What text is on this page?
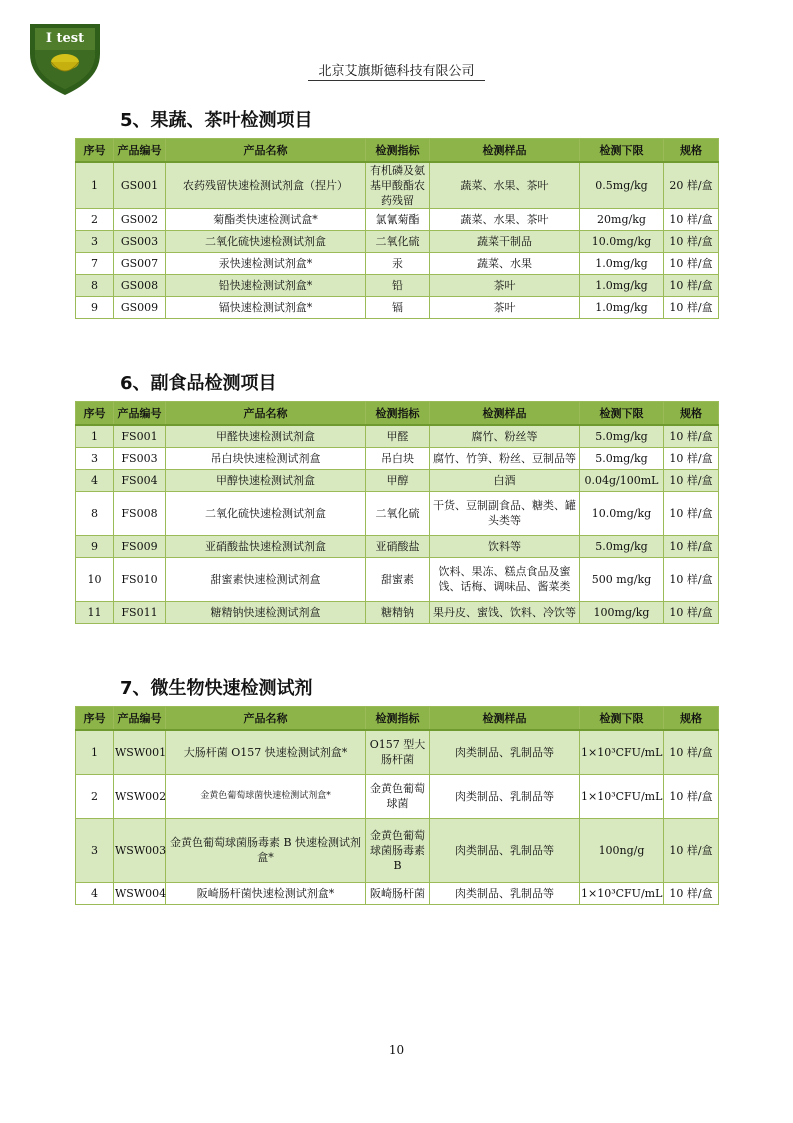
I test
北京艾旗斯德科技有限公司
5、果蔬、茶叶检测项目
序号	产品编号	产品名称	检测指标	检测样品	检测下限	规格
1	GS001	农药残留快速检测试剂盒（捏片）	有机磷及氨基甲酸酯农药残留	蔬菜、水果、茶叶	0.5mg/kg	20 样/盒
2	GS002	菊酯类快速检测试盒*	氯氰菊酯	蔬菜、水果、茶叶	20mg/kg	10 样/盒
3	GS003	二氧化硫快速检测试剂盒	二氧化硫	蔬菜干制品	10.0mg/kg	10 样/盒
7	GS007	汞快速检测试剂盒*	汞	蔬菜、水果	1.0mg/kg	10 样/盒
8	GS008	铅快速检测试剂盒*	铅	茶叶	1.0mg/kg	10 样/盒
9	GS009	镉快速检测试剂盒*	镉	茶叶	1.0mg/kg	10 样/盒
6、副食品检测项目
序号	产品编号	产品名称	检测指标	检测样品	检测下限	规格
1	FS001	甲醛快速检测试剂盒	甲醛	腐竹、粉丝等	5.0mg/kg	10 样/盒
3	FS003	吊白块快速检测试剂盒	吊白块	腐竹、竹笋、粉丝、豆制品等	5.0mg/kg	10 样/盒
4	FS004	甲醇快速检测试剂盒	甲醇	白酒	0.04g/100mL	10 样/盒
8	FS008	二氧化硫快速检测试剂盒	二氧化硫	干货、豆制副食品、糖类、罐头类等	10.0mg/kg	10 样/盒
9	FS009	亚硝酸盐快速检测试剂盒	亚硝酸盐	饮料等	5.0mg/kg	10 样/盒
10	FS010	甜蜜素快速检测试剂盒	甜蜜素	饮料、果冻、糕点食品及蜜饯、话梅、调味品、酱菜类	500 mg/kg	10 样/盒
11	FS011	糖精钠快速检测试剂盒	糖精钠	果丹皮、蜜饯、饮料、冷饮等	100mg/kg	10 样/盒
7、微生物快速检测试剂
序号	产品编号	产品名称	检测指标	检测样品	检测下限	规格
1	WSW001	大肠杆菌 O157 快速检测试剂盒*	O157 型大肠杆菌	肉类制品、乳制品等	1×10³CFU/mL	10 样/盒
2	WSW002	金黄色葡萄球菌快速检测试剂盒*	金黄色葡萄球菌	肉类制品、乳制品等	1×10³CFU/mL	10 样/盒
3	WSW003	金黄色葡萄球菌肠毒素 B 快速检测试剂盒*	金黄色葡萄球菌肠毒素 B	肉类制品、乳制品等	100ng/g	10 样/盒
4	WSW004	阪崎肠杆菌快速检测试剂盒*	阪崎肠杆菌	肉类制品、乳制品等	1×10³CFU/mL	10 样/盒
10
